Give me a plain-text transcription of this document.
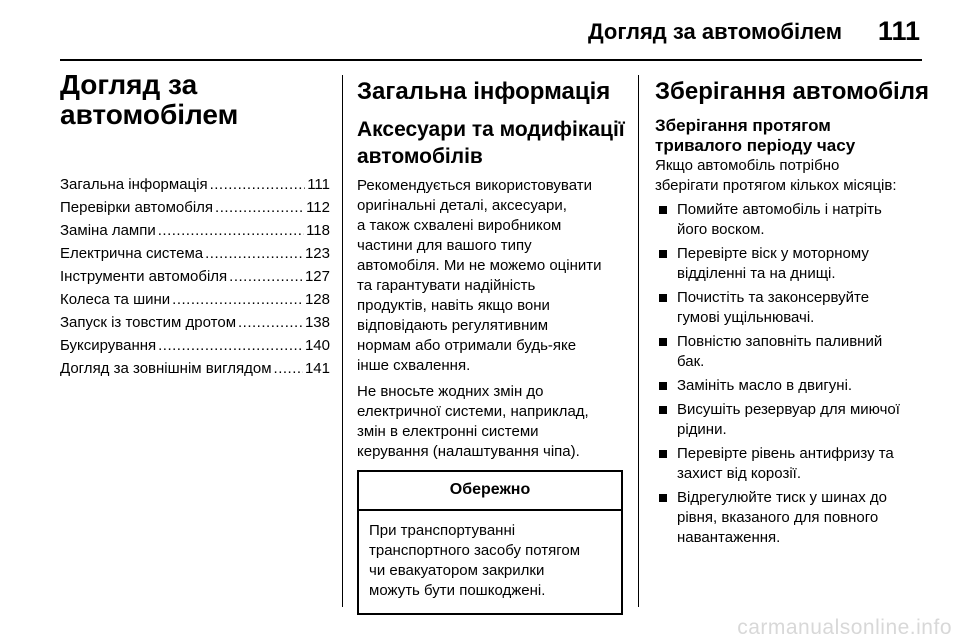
Догляд за автомобілем 111
Догляд за
автомобілем
Загальна інформація .....	111
Перевірки автомобіля .....	112
Заміна лампи .....	118
Електрична система .....	123
Інструменти автомобіля .....	127
Колеса та шини .....	128
Запуск із товстим дротом .....	138
Буксирування .....	140
Догляд за зовнішнім виглядом ..... 141
Загальна інформація
Аксесуари та модифікації
автомобілів

Рекомендується використовувати
оригінальні деталі, аксесуари,
а також схвалені виробником
частини для вашого типу
автомобіля. Ми не можемо оцінити
та гарантувати надійність
продуктів, навіть якщо вони
відповідають регулятивним
нормам або отримали будь-яке
інше схвалення.

Не вносьте жодних змін до
електричної системи, наприклад,
змін в електронні системи
керування (налаштування чіпа).

Обережно
При транспортуванні
транспортного засобу потягом
чи евакуатором закрилки
можуть бути пошкоджені.
Зберігання автомобіля
Зберігання протягом
тривалого періоду часу

Якщо автомобіль потрібно
зберігати протягом кількох місяців:

Помийте автомобіль і натріть
його воском.
Перевірте віск у моторному
відділенні та на днищі.
Почистіть та законсервуйте
гумові ущільнювачі.
Повністю заповніть паливний
бак.
Замініть масло в двигуні.
Висушіть резервуар для миючої
рідини.
Перевірте рівень антифризу та
захист від корозії.
Відрегулюйте тиск у шинах до
рівня, вказаного для повного
навантаження.
carmanualsonline.info
